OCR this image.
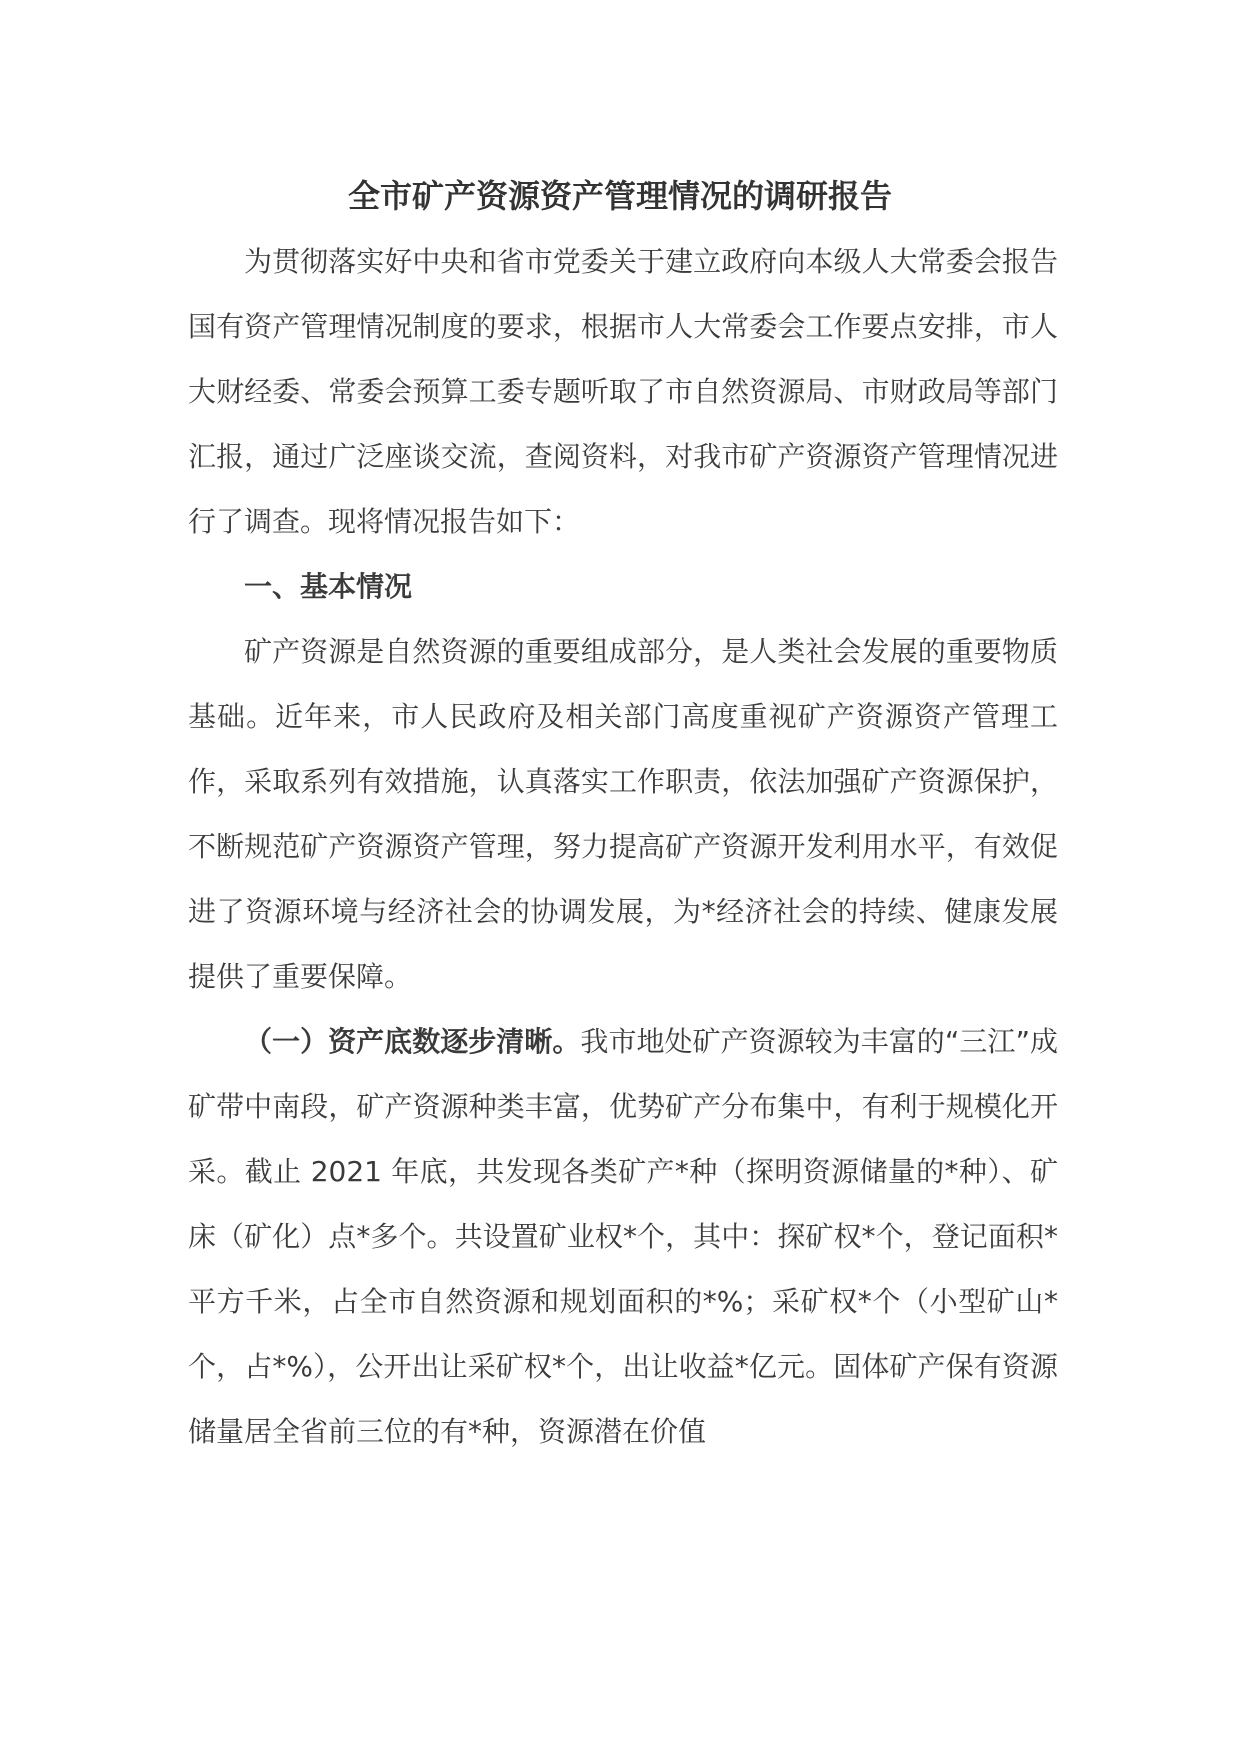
全市矿产资源资产管理情况的调研报告

为贯彻落实好中央和省市党委关于建立政府向本级人大常委会报告国有资产管理情况制度的要求，根据市人大常委会工作要点安排，市人大财经委、常委会预算工委专题听取了市自然资源局、市财政局等部门汇报，通过广泛座谈交流，查阅资料，对我市矿产资源资产管理情况进行了调查。现将情况报告如下：

一、基本情况

矿产资源是自然资源的重要组成部分，是人类社会发展的重要物质基础。近年来，市人民政府及相关部门高度重视矿产资源资产管理工作，采取系列有效措施，认真落实工作职责，依法加强矿产资源保护，不断规范矿产资源资产管理，努力提高矿产资源开发利用水平，有效促进了资源环境与经济社会的协调发展，为*经济社会的持续、健康发展提供了重要保障。

（一）资产底数逐步清晰。我市地处矿产资源较为丰富的“三江”成矿带中南段，矿产资源种类丰富，优势矿产分布集中，有利于规模化开采。截止 2021 年底，共发现各类矿产*种（探明资源储量的*种）、矿床（矿化）点*多个。共设置矿业权*个，其中：探矿权*个，登记面积*平方千米，占全市自然资源和规划面积的*%；采矿权*个（小型矿山*个，占*%），公开出让采矿权*个，出让收益*亿元。固体矿产保有资源储量居全省前三位的有*种，资源潜在价值
